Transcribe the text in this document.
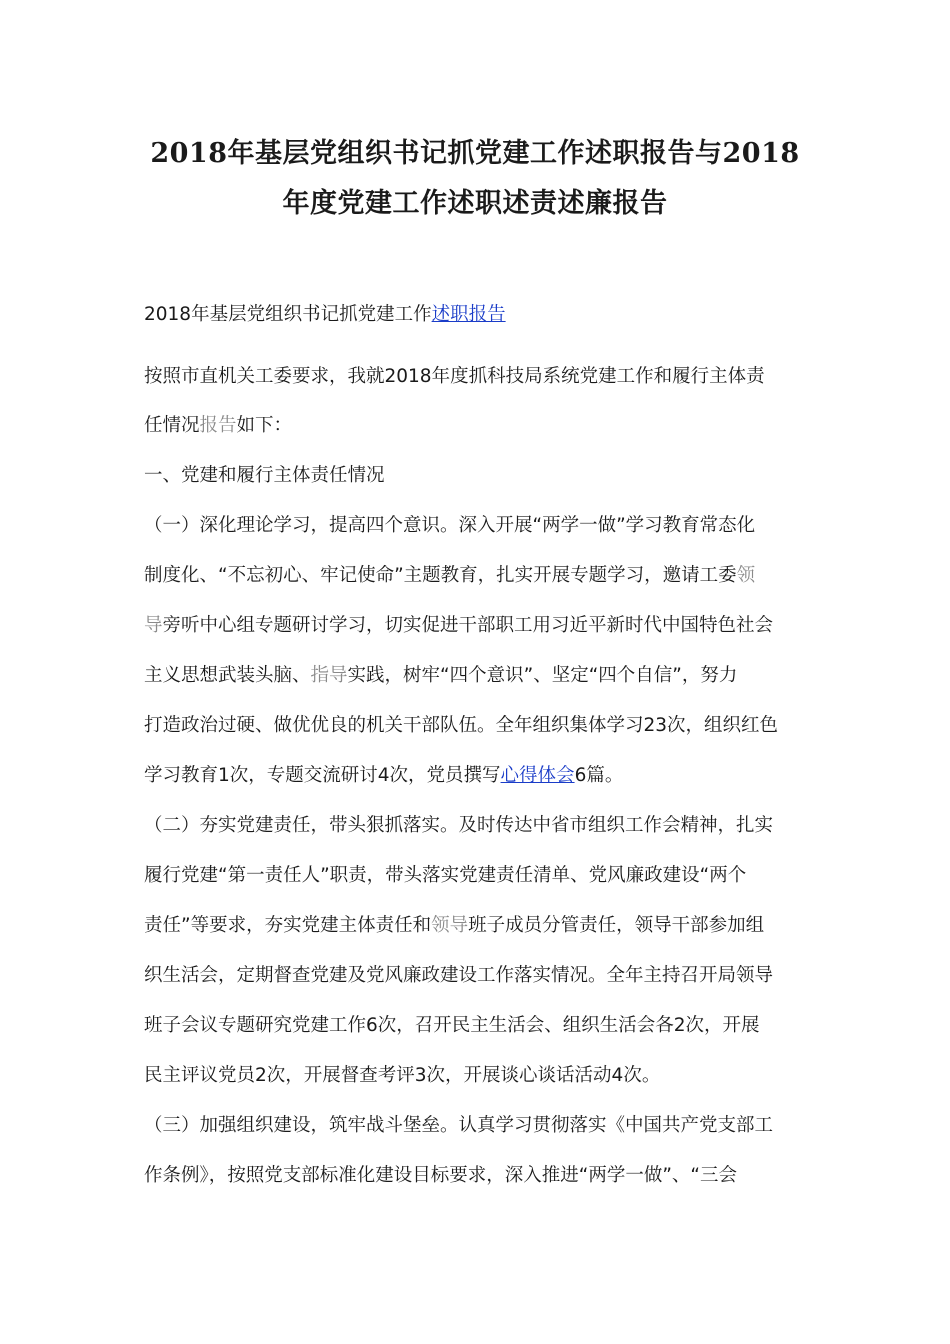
2018年基层党组织书记抓党建工作述职报告与2018
年度党建工作述职述责述廉报告
2018年基层党组织书记抓党建工作述职报告
按照市直机关工委要求，我就2018年度抓科技局系统党建工作和履行主体责
任情况报告如下：
一、党建和履行主体责任情况
（一）深化理论学习，提高四个意识。深入开展“两学一做”学习教育常态化
制度化、“不忘初心、牢记使命”主题教育，扎实开展专题学习，邀请工委领
导旁听中心组专题研讨学习，切实促进干部职工用习近平新时代中国特色社会
主义思想武装头脑、指导实践，树牢“四个意识”、坚定“四个自信”，努力
打造政治过硬、做优优良的机关干部队伍。全年组织集体学习23次，组织红色
学习教育1次，专题交流研讨4次，党员撰写心得体会6篇。
（二）夯实党建责任，带头狠抓落实。及时传达中省市组织工作会精神，扎实
履行党建“第一责任人”职责，带头落实党建责任清单、党风廉政建设“两个
责任”等要求，夯实党建主体责任和领导班子成员分管责任，领导干部参加组
织生活会，定期督查党建及党风廉政建设工作落实情况。全年主持召开局领导
班子会议专题研究党建工作6次，召开民主生活会、组织生活会各2次，开展
民主评议党员2次，开展督查考评3次，开展谈心谈话活动4次。
（三）加强组织建设，筑牢战斗堡垒。认真学习贯彻落实《中国共产党支部工
作条例》，按照党支部标准化建设目标要求，深入推进“两学一做”、“三会
